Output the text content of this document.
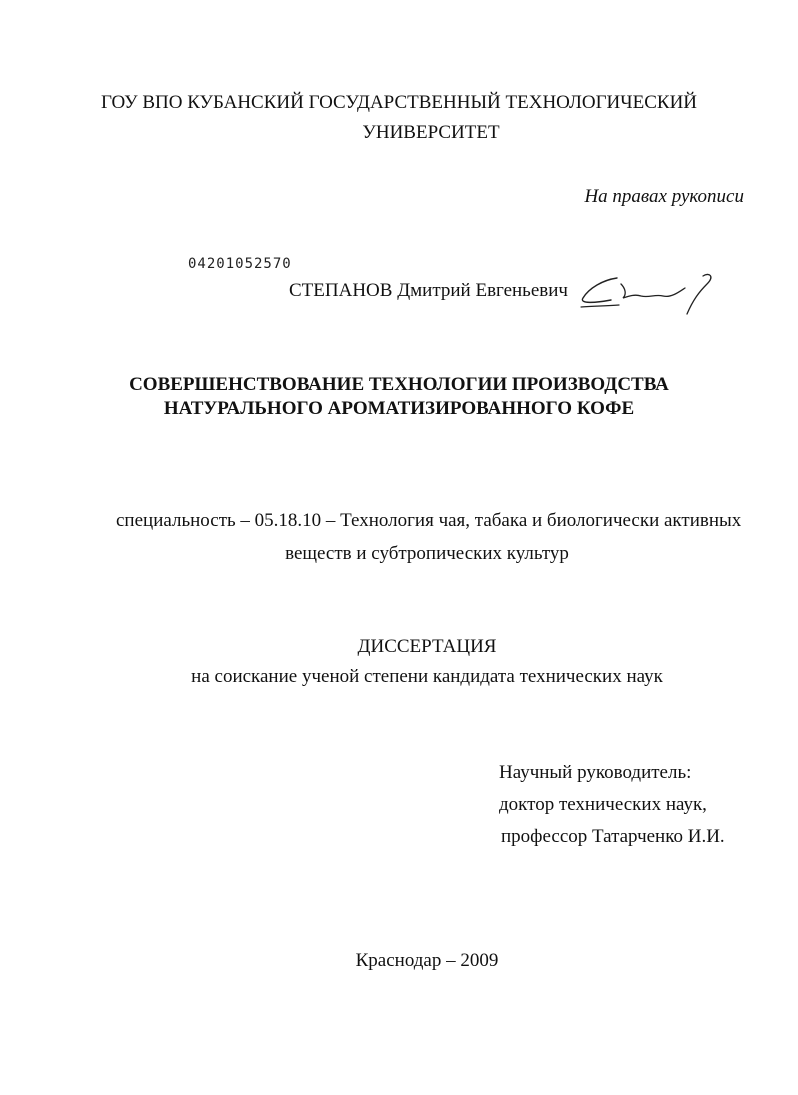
ГОУ ВПО КУБАНСКИЙ ГОСУДАРСТВЕННЫЙ ТЕХНОЛОГИЧЕСКИЙ
УНИВЕРСИТЕТ
На правах рукописи
04201052570
СТЕПАНОВ Дмитрий Евгеньевич
СОВЕРШЕНСТВОВАНИЕ ТЕХНОЛОГИИ ПРОИЗВОДСТВА
НАТУРАЛЬНОГО АРОМАТИЗИРОВАННОГО КОФЕ
специальность – 05.18.10 – Технология чая, табака и биологически активных
веществ и субтропических культур
ДИССЕРТАЦИЯ
на соискание ученой степени кандидата технических наук
Научный руководитель:
доктор технических наук,
профессор Татарченко И.И.
Краснодар – 2009
